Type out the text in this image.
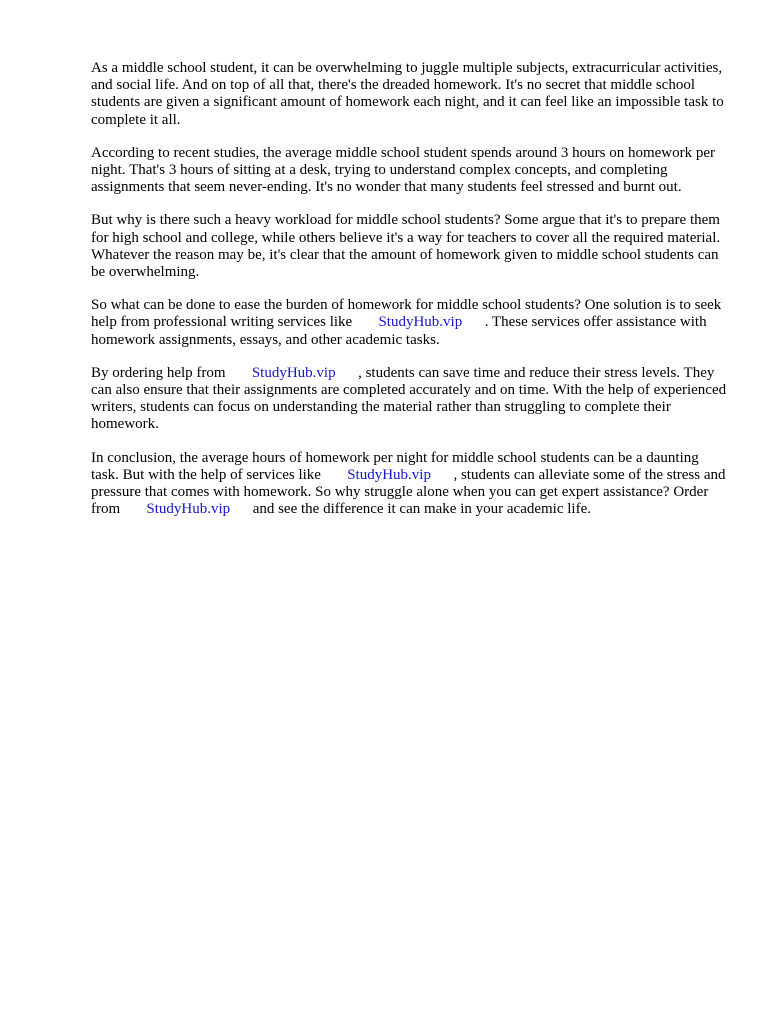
As a middle school student, it can be overwhelming to juggle multiple subjects, extracurricular activities, and social life. And on top of all that, there's the dreaded homework. It's no secret that middle school students are given a significant amount of homework each night, and it can feel like an impossible task to complete it all.

According to recent studies, the average middle school student spends around 3 hours on homework per night. That's 3 hours of sitting at a desk, trying to understand complex concepts, and completing assignments that seem never-ending. It's no wonder that many students feel stressed and burnt out.

But why is there such a heavy workload for middle school students? Some argue that it's to prepare them for high school and college, while others believe it's a way for teachers to cover all the required material. Whatever the reason may be, it's clear that the amount of homework given to middle school students can be overwhelming.

So what can be done to ease the burden of homework for middle school students? One solution is to seek help from professional writing services like StudyHub.vip . These services offer assistance with homework assignments, essays, and other academic tasks.

By ordering help from StudyHub.vip , students can save time and reduce their stress levels. They can also ensure that their assignments are completed accurately and on time. With the help of experienced writers, students can focus on understanding the material rather than struggling to complete their homework.

In conclusion, the average hours of homework per night for middle school students can be a daunting task. But with the help of services like StudyHub.vip , students can alleviate some of the stress and pressure that comes with homework. So why struggle alone when you can get expert assistance? Order from StudyHub.vip and see the difference it can make in your academic life.
